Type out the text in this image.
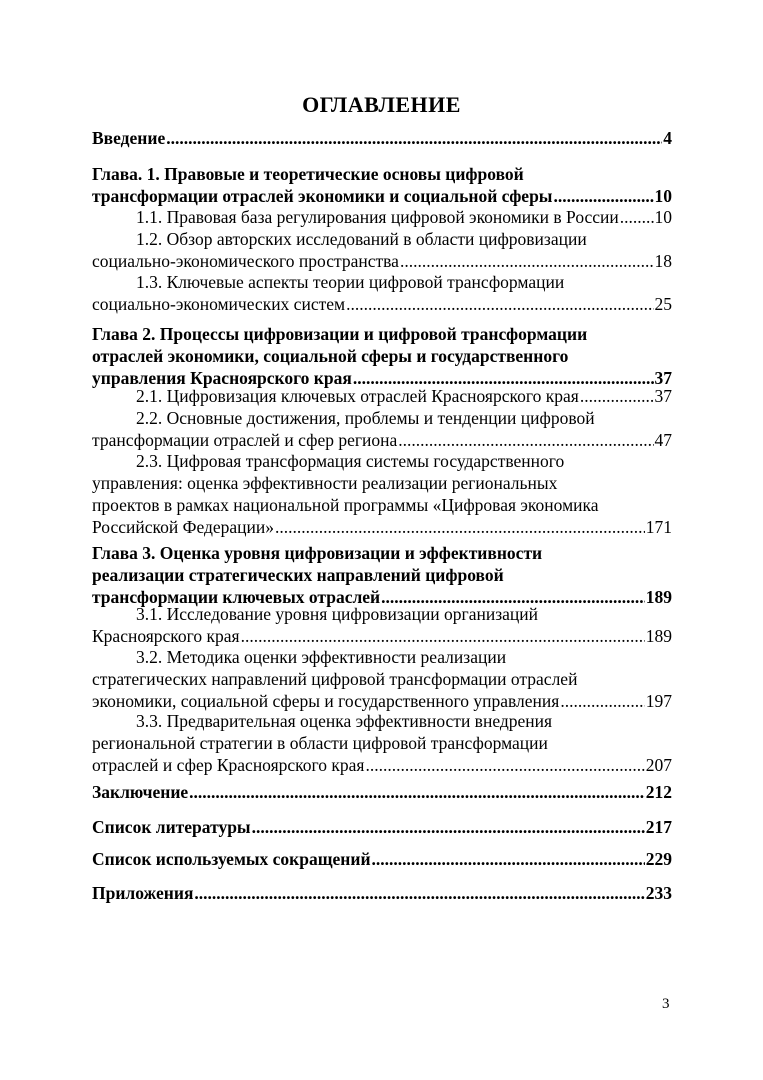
ОГЛАВЛЕНИЕ
Введение .....	4
Глава. 1. Правовые и теоретические основы цифровой
трансформации отраслей экономики и социальной сферы .....	10
1.1. Правовая база регулирования цифровой экономики в России ..... 10
1.2. Обзор авторских исследований в области цифровизации
социально-экономического пространства .....	18
1.3. Ключевые аспекты теории цифровой трансформации
социально-экономических систем .....	25
Глава 2. Процессы цифровизации и цифровой трансформации
отраслей экономики, социальной сферы и государственного
управления Красноярского края .....	37
2.1. Цифровизация ключевых отраслей Красноярского края .....	37
2.2. Основные достижения, проблемы и тенденции цифровой
трансформации отраслей и сфер региона .....	47
2.3. Цифровая трансформация системы государственного
управления: оценка эффективности реализации региональных
проектов в рамках национальной программы «Цифровая экономика
Российской Федерации» .....	171
Глава 3. Оценка уровня цифровизации и эффективности
реализации стратегических направлений цифровой
трансформации ключевых отраслей .....	189
3.1. Исследование уровня цифровизации организаций
Красноярского края .....	189
3.2. Методика оценки эффективности реализации
стратегических направлений цифровой трансформации отраслей
экономики, социальной сферы и государственного управления .....	197
3.3. Предварительная оценка эффективности внедрения
региональной стратегии в области цифровой трансформации
отраслей и сфер Красноярского края .....	207
Заключение .....	212
Список литературы .....	217
Список используемых сокращений .....	229
Приложения .....	233
3
